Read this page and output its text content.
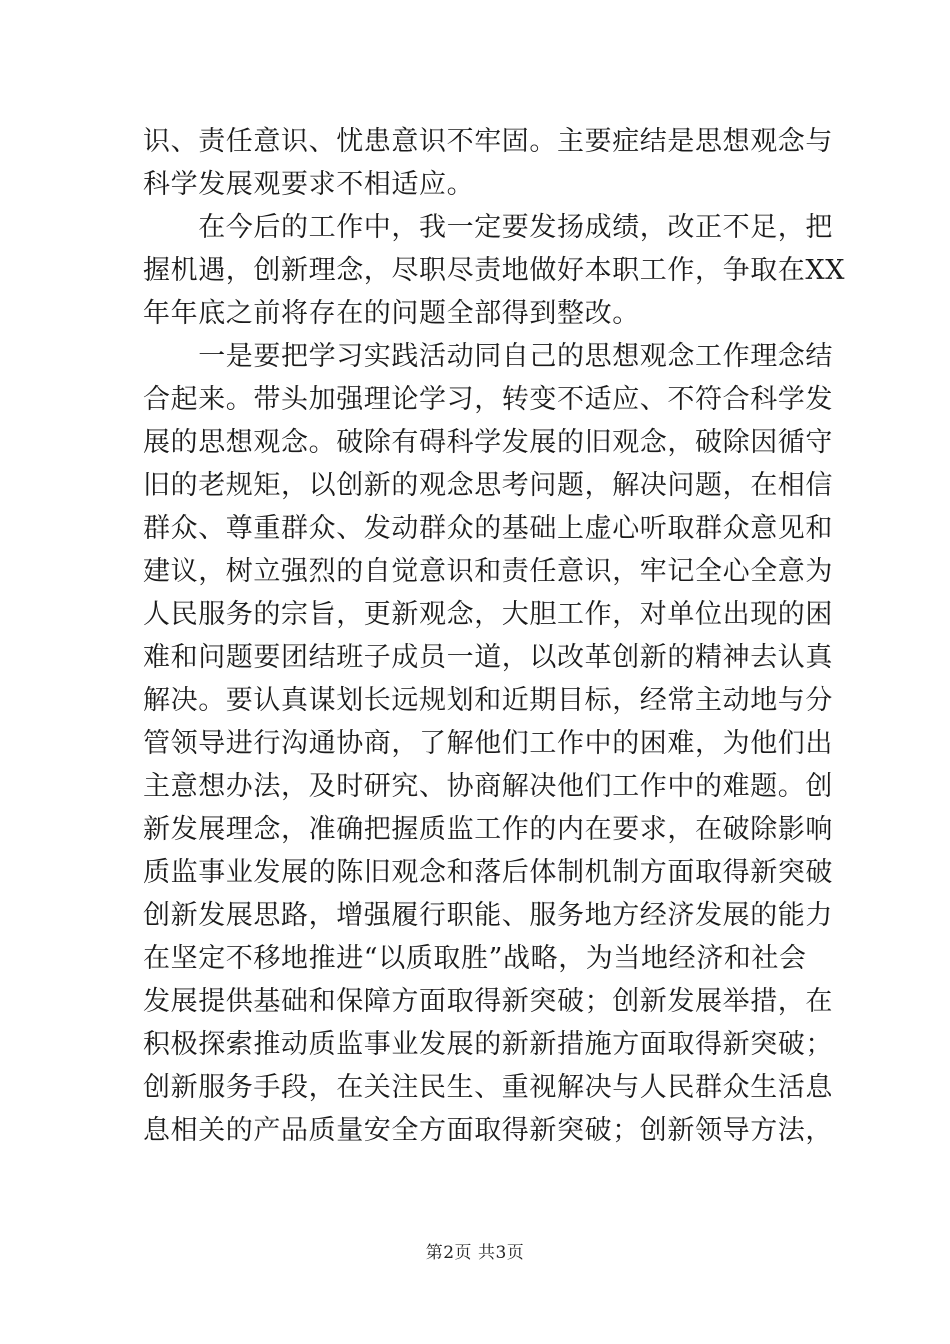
识、责任意识、忧患意识不牢固。主要症结是思想观念与
科学发展观要求不相适应。
　　在今后的工作中，我一定要发扬成绩，改正不足，把
握机遇，创新理念，尽职尽责地做好本职工作，争取在XX
年年底之前将存在的问题全部得到整改。
　　一是要把学习实践活动同自己的思想观念工作理念结
合起来。带头加强理论学习，转变不适应、不符合科学发
展的思想观念。破除有碍科学发展的旧观念，破除因循守
旧的老规矩，以创新的观念思考问题，解决问题，在相信
群众、尊重群众、发动群众的基础上虚心听取群众意见和
建议，树立强烈的自觉意识和责任意识，牢记全心全意为
人民服务的宗旨，更新观念，大胆工作，对单位出现的困
难和问题要团结班子成员一道，以改革创新的精神去认真
解决。要认真谋划长远规划和近期目标，经常主动地与分
管领导进行沟通协商，了解他们工作中的困难，为他们出
主意想办法，及时研究、协商解决他们工作中的难题。创
新发展理念，准确把握质监工作的内在要求，在破除影响
质监事业发展的陈旧观念和落后体制机制方面取得新突破
创新发展思路，增强履行职能、服务地方经济发展的能力
在坚定不移地推进“以质取胜”战略，为当地经济和社会
发展提供基础和保障方面取得新突破；创新发展举措，在
积极探索推动质监事业发展的新新措施方面取得新突破；
创新服务手段，在关注民生、重视解决与人民群众生活息
息相关的产品质量安全方面取得新突破；创新领导方法，
第2页 共3页
